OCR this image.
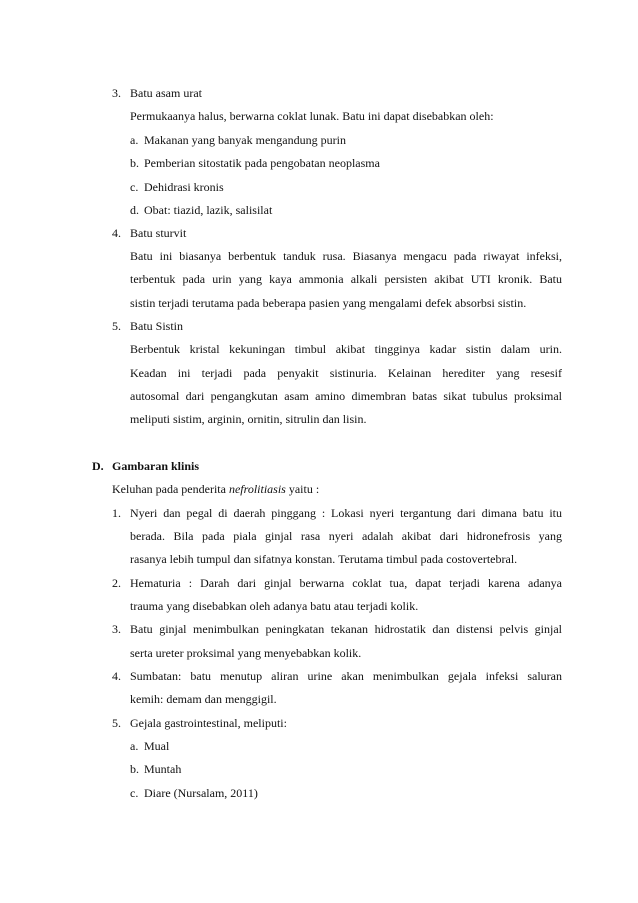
3. Batu asam urat
Permukaanya halus, berwarna coklat lunak. Batu ini dapat disebabkan oleh:
a. Makanan yang banyak mengandung purin
b. Pemberian sitostatik pada pengobatan neoplasma
c. Dehidrasi kronis
d. Obat: tiazid, lazik, salisilat
4. Batu sturvit
Batu ini biasanya berbentuk tanduk rusa. Biasanya mengacu pada riwayat infeksi,
terbentuk pada urin yang kaya ammonia alkali persisten akibat UTI kronik. Batu
sistin terjadi terutama pada beberapa pasien yang mengalami defek absorbsi sistin.
5. Batu Sistin
Berbentuk kristal kekuningan timbul akibat tingginya kadar sistin dalam urin.
Keadan ini terjadi pada penyakit sistinuria. Kelainan herediter yang resesif
autosomal dari pengangkutan asam amino dimembran batas sikat tubulus proksimal
meliputi sistim, arginin, ornitin, sitrulin dan lisin.
D. Gambaran klinis
Keluhan pada penderita nefrolitiasis yaitu :
1. Nyeri dan pegal di daerah pinggang : Lokasi nyeri tergantung dari dimana batu itu
berada. Bila pada piala ginjal rasa nyeri adalah akibat dari hidronefrosis yang
rasanya lebih tumpul dan sifatnya konstan. Terutama timbul pada costovertebral.
2. Hematuria : Darah dari ginjal berwarna coklat tua, dapat terjadi karena adanya
trauma yang disebabkan oleh adanya batu atau terjadi kolik.
3. Batu ginjal menimbulkan peningkatan tekanan hidrostatik dan distensi pelvis ginjal
serta ureter proksimal yang menyebabkan kolik.
4. Sumbatan: batu menutup aliran urine akan menimbulkan gejala infeksi saluran
kemih: demam dan menggigil.
5. Gejala gastrointestinal, meliputi:
a. Mual
b. Muntah
c. Diare (Nursalam, 2011)
